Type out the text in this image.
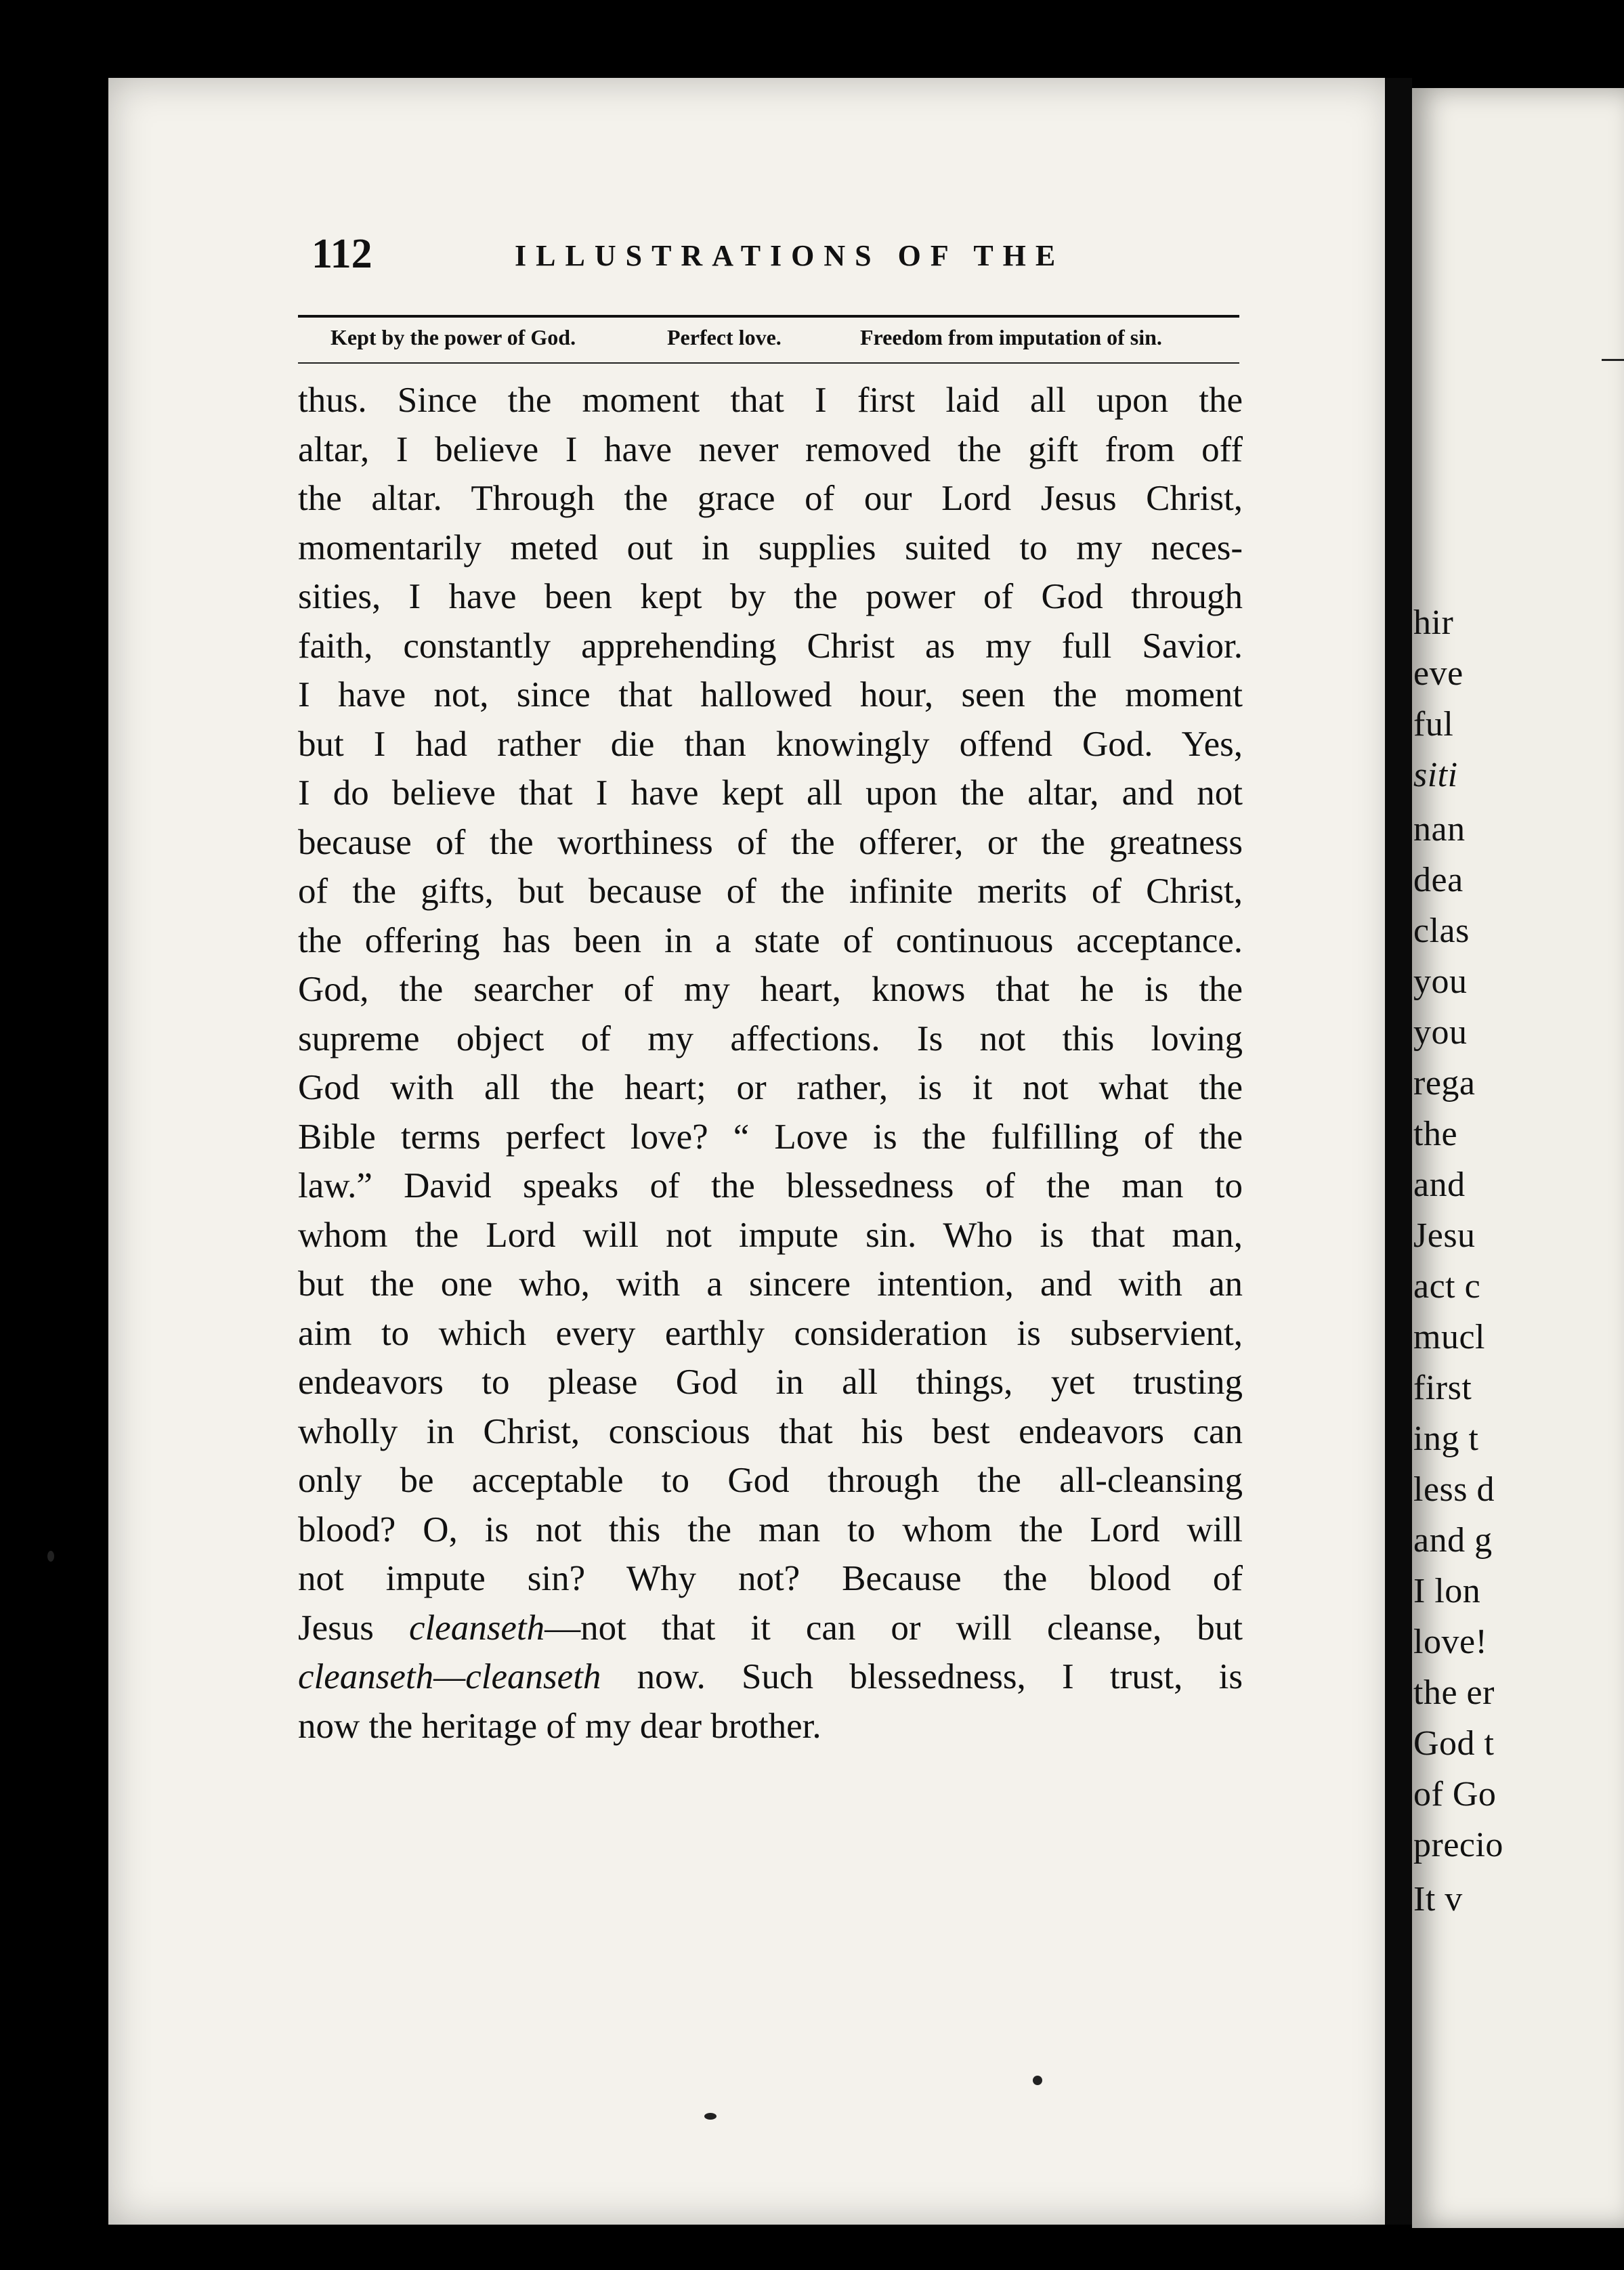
hir
eve
ful
siti
nan
dea
clas
you
you
rega
the
and
Jesu
act c
mucl
first
ing t
less d
and g
I lon
love!
the er
God t
of Go
precio
It v
112	ILLUSTRATIONS OF THE
Kept by the power of God.	Perfect love.	Freedom from imputation of sin.
thus. Since the moment that I first laid all upon the
altar, I believe I have never removed the gift from off
the altar. Through the grace of our Lord Jesus Christ,
momentarily meted out in supplies suited to my neces-
sities, I have been kept by the power of God through
faith, constantly apprehending Christ as my full Savior.
I have not, since that hallowed hour, seen the moment
but I had rather die than knowingly offend God. Yes,
I do believe that I have kept all upon the altar, and not
because of the worthiness of the offerer, or the greatness
of the gifts, but because of the infinite merits of Christ,
the offering has been in a state of continuous acceptance.
God, the searcher of my heart, knows that he is the
supreme object of my affections. Is not this loving
God with all the heart; or rather, is it not what the
Bible terms perfect love? “ Love is the fulfilling of the
law.” David speaks of the blessedness of the man to
whom the Lord will not impute sin. Who is that man,
but the one who, with a sincere intention, and with an
aim to which every earthly consideration is subservient,
endeavors to please God in all things, yet trusting
wholly in Christ, conscious that his best endeavors can
only be acceptable to God through the all-cleansing
blood? O, is not this the man to whom the Lord will
not impute sin? Why not? Because the blood of
Jesus cleanseth—not that it can or will cleanse, but
cleanseth—cleanseth now. Such blessedness, I trust, is
now the heritage of my dear brother.
